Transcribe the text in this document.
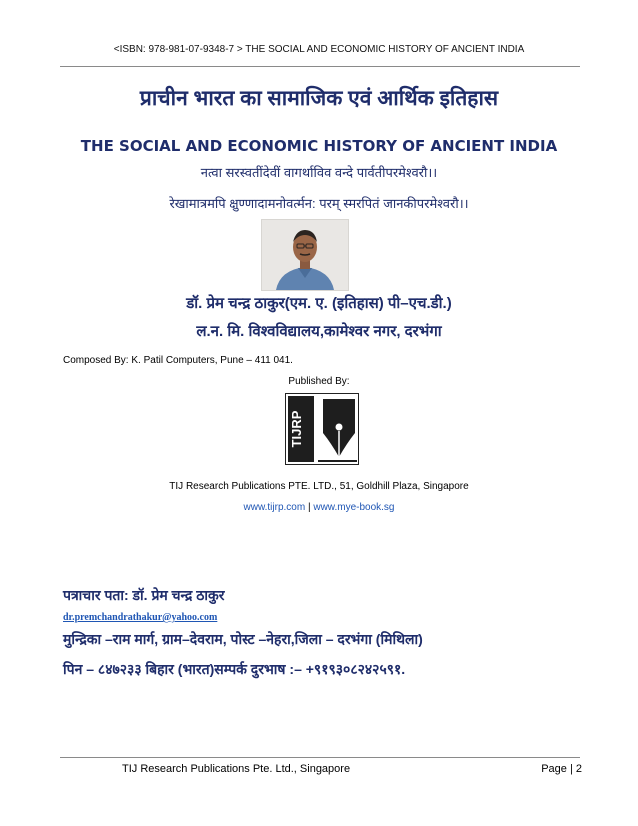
<ISBN: 978-981-07-9348-7 > THE SOCIAL AND ECONOMIC HISTORY OF ANCIENT INDIA
प्राचीन भारत का सामाजिक एवं आर्थिक इतिहास
THE SOCIAL AND ECONOMIC HISTORY OF ANCIENT INDIA
नत्वा सरस्वतींदेवीं वागर्थाविव वन्दे पार्वतीपरमेश्वरौ।।
रेखामात्रमपि क्षुण्णादामनोवर्त्मन: परम् स्मरपितं जानकीपरमेश्वरौ।।
डॉ. प्रेम चन्द्र ठाकुर(एम. ए. (इतिहास) पी–एच.डी.)
ल.न. मि. विश्वविद्यालय,कामेश्वर नगर, दरभंगा
Composed By: K. Patil Computers, Pune – 411 041.
Published By:
TIJRP
TIJ Research Publications PTE. LTD., 51, Goldhill Plaza, Singapore
www.tijrp.com | www.mye-book.sg
पत्राचार पता: डॉ. प्रेम चन्द्र ठाकुर
dr.premchandrathakur@yahoo.com
मुन्द्रिका –राम मार्ग, ग्राम–देवराम, पोस्ट –नेहरा,जिला – दरभंगा (मिथिला)
पिन – ८४७२३३ बिहार (भारत)सम्पर्क दुरभाष :– +९१९३०८२४२५९१.
TIJ Research Publications Pte. Ltd., Singapore	Page | 2
